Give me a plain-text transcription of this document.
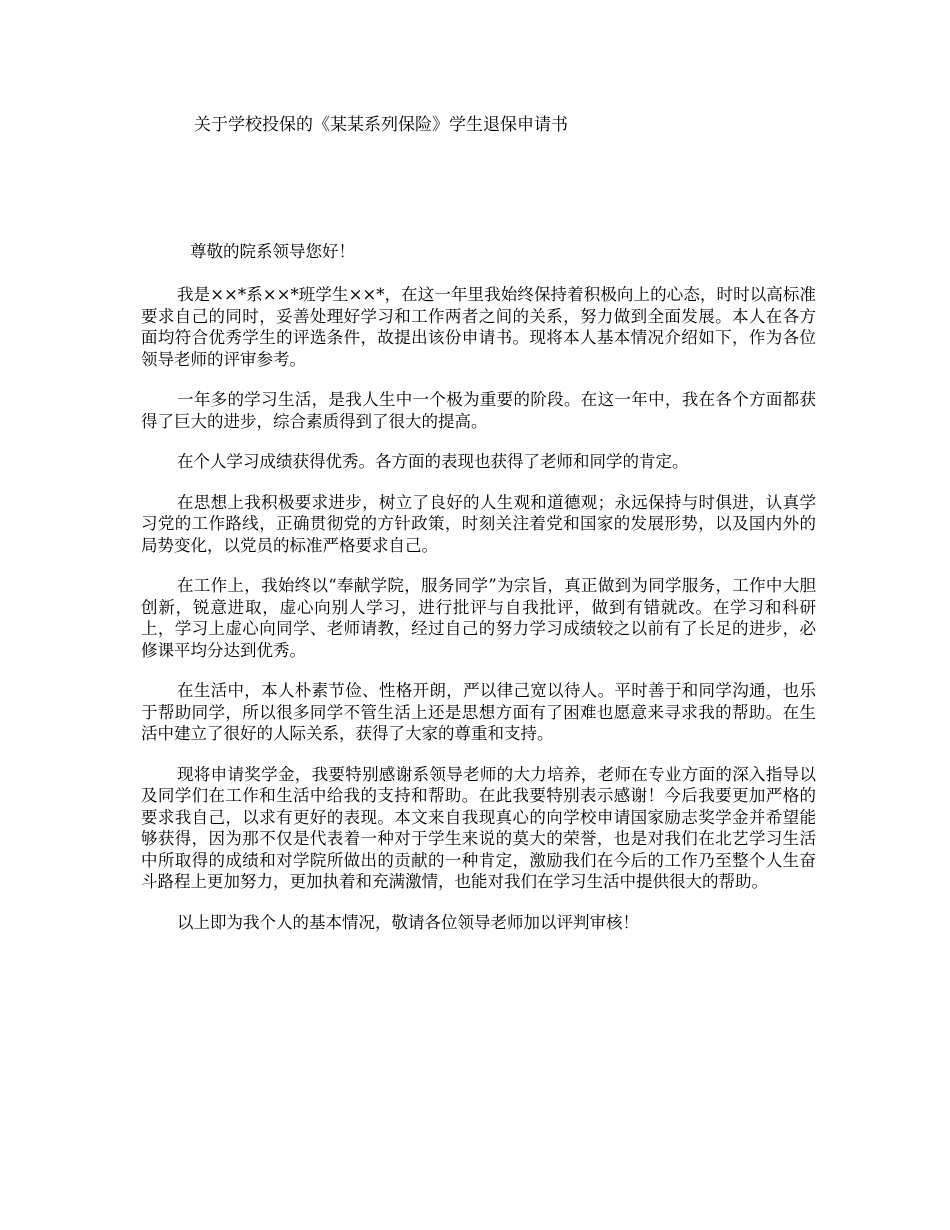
关于学校投保的《某某系列保险》学生退保申请书
尊敬的院系领导您好！

我是××*系××*班学生××*，在这一年里我始终保持着积极向上的心态，时时以高标准要求自己的同时，妥善处理好学习和工作两者之间的关系，努力做到全面发展。本人在各方面均符合优秀学生的评选条件，故提出该份申请书。现将本人基本情况介绍如下，作为各位领导老师的评审参考。

一年多的学习生活，是我人生中一个极为重要的阶段。在这一年中，我在各个方面都获得了巨大的进步，综合素质得到了很大的提高。

在个人学习成绩获得优秀。各方面的表现也获得了老师和同学的肯定。

在思想上我积极要求进步，树立了良好的人生观和道德观；永远保持与时俱进，认真学习党的工作路线，正确贯彻党的方针政策，时刻关注着党和国家的发展形势，以及国内外的局势变化，以党员的标准严格要求自己。

在工作上，我始终以“奉献学院，服务同学”为宗旨，真正做到为同学服务，工作中大胆创新，锐意进取，虚心向别人学习，进行批评与自我批评，做到有错就改。在学习和科研上，学习上虚心向同学、老师请教，经过自己的努力学习成绩较之以前有了长足的进步，必修课平均分达到优秀。

在生活中，本人朴素节俭、性格开朗，严以律己宽以待人。平时善于和同学沟通，也乐于帮助同学，所以很多同学不管生活上还是思想方面有了困难也愿意来寻求我的帮助。在生活中建立了很好的人际关系，获得了大家的尊重和支持。

现将申请奖学金，我要特别感谢系领导老师的大力培养，老师在专业方面的深入指导以及同学们在工作和生活中给我的支持和帮助。在此我要特别表示感谢！今后我要更加严格的要求我自己，以求有更好的表现。本文来自我现真心的向学校申请国家励志奖学金并希望能够获得，因为那不仅是代表着一种对于学生来说的莫大的荣誉，也是对我们在北艺学习生活中所取得的成绩和对学院所做出的贡献的一种肯定，激励我们在今后的工作乃至整个人生奋斗路程上更加努力，更加执着和充满激情，也能对我们在学习生活中提供很大的帮助。

以上即为我个人的基本情况，敬请各位领导老师加以评判审核！
